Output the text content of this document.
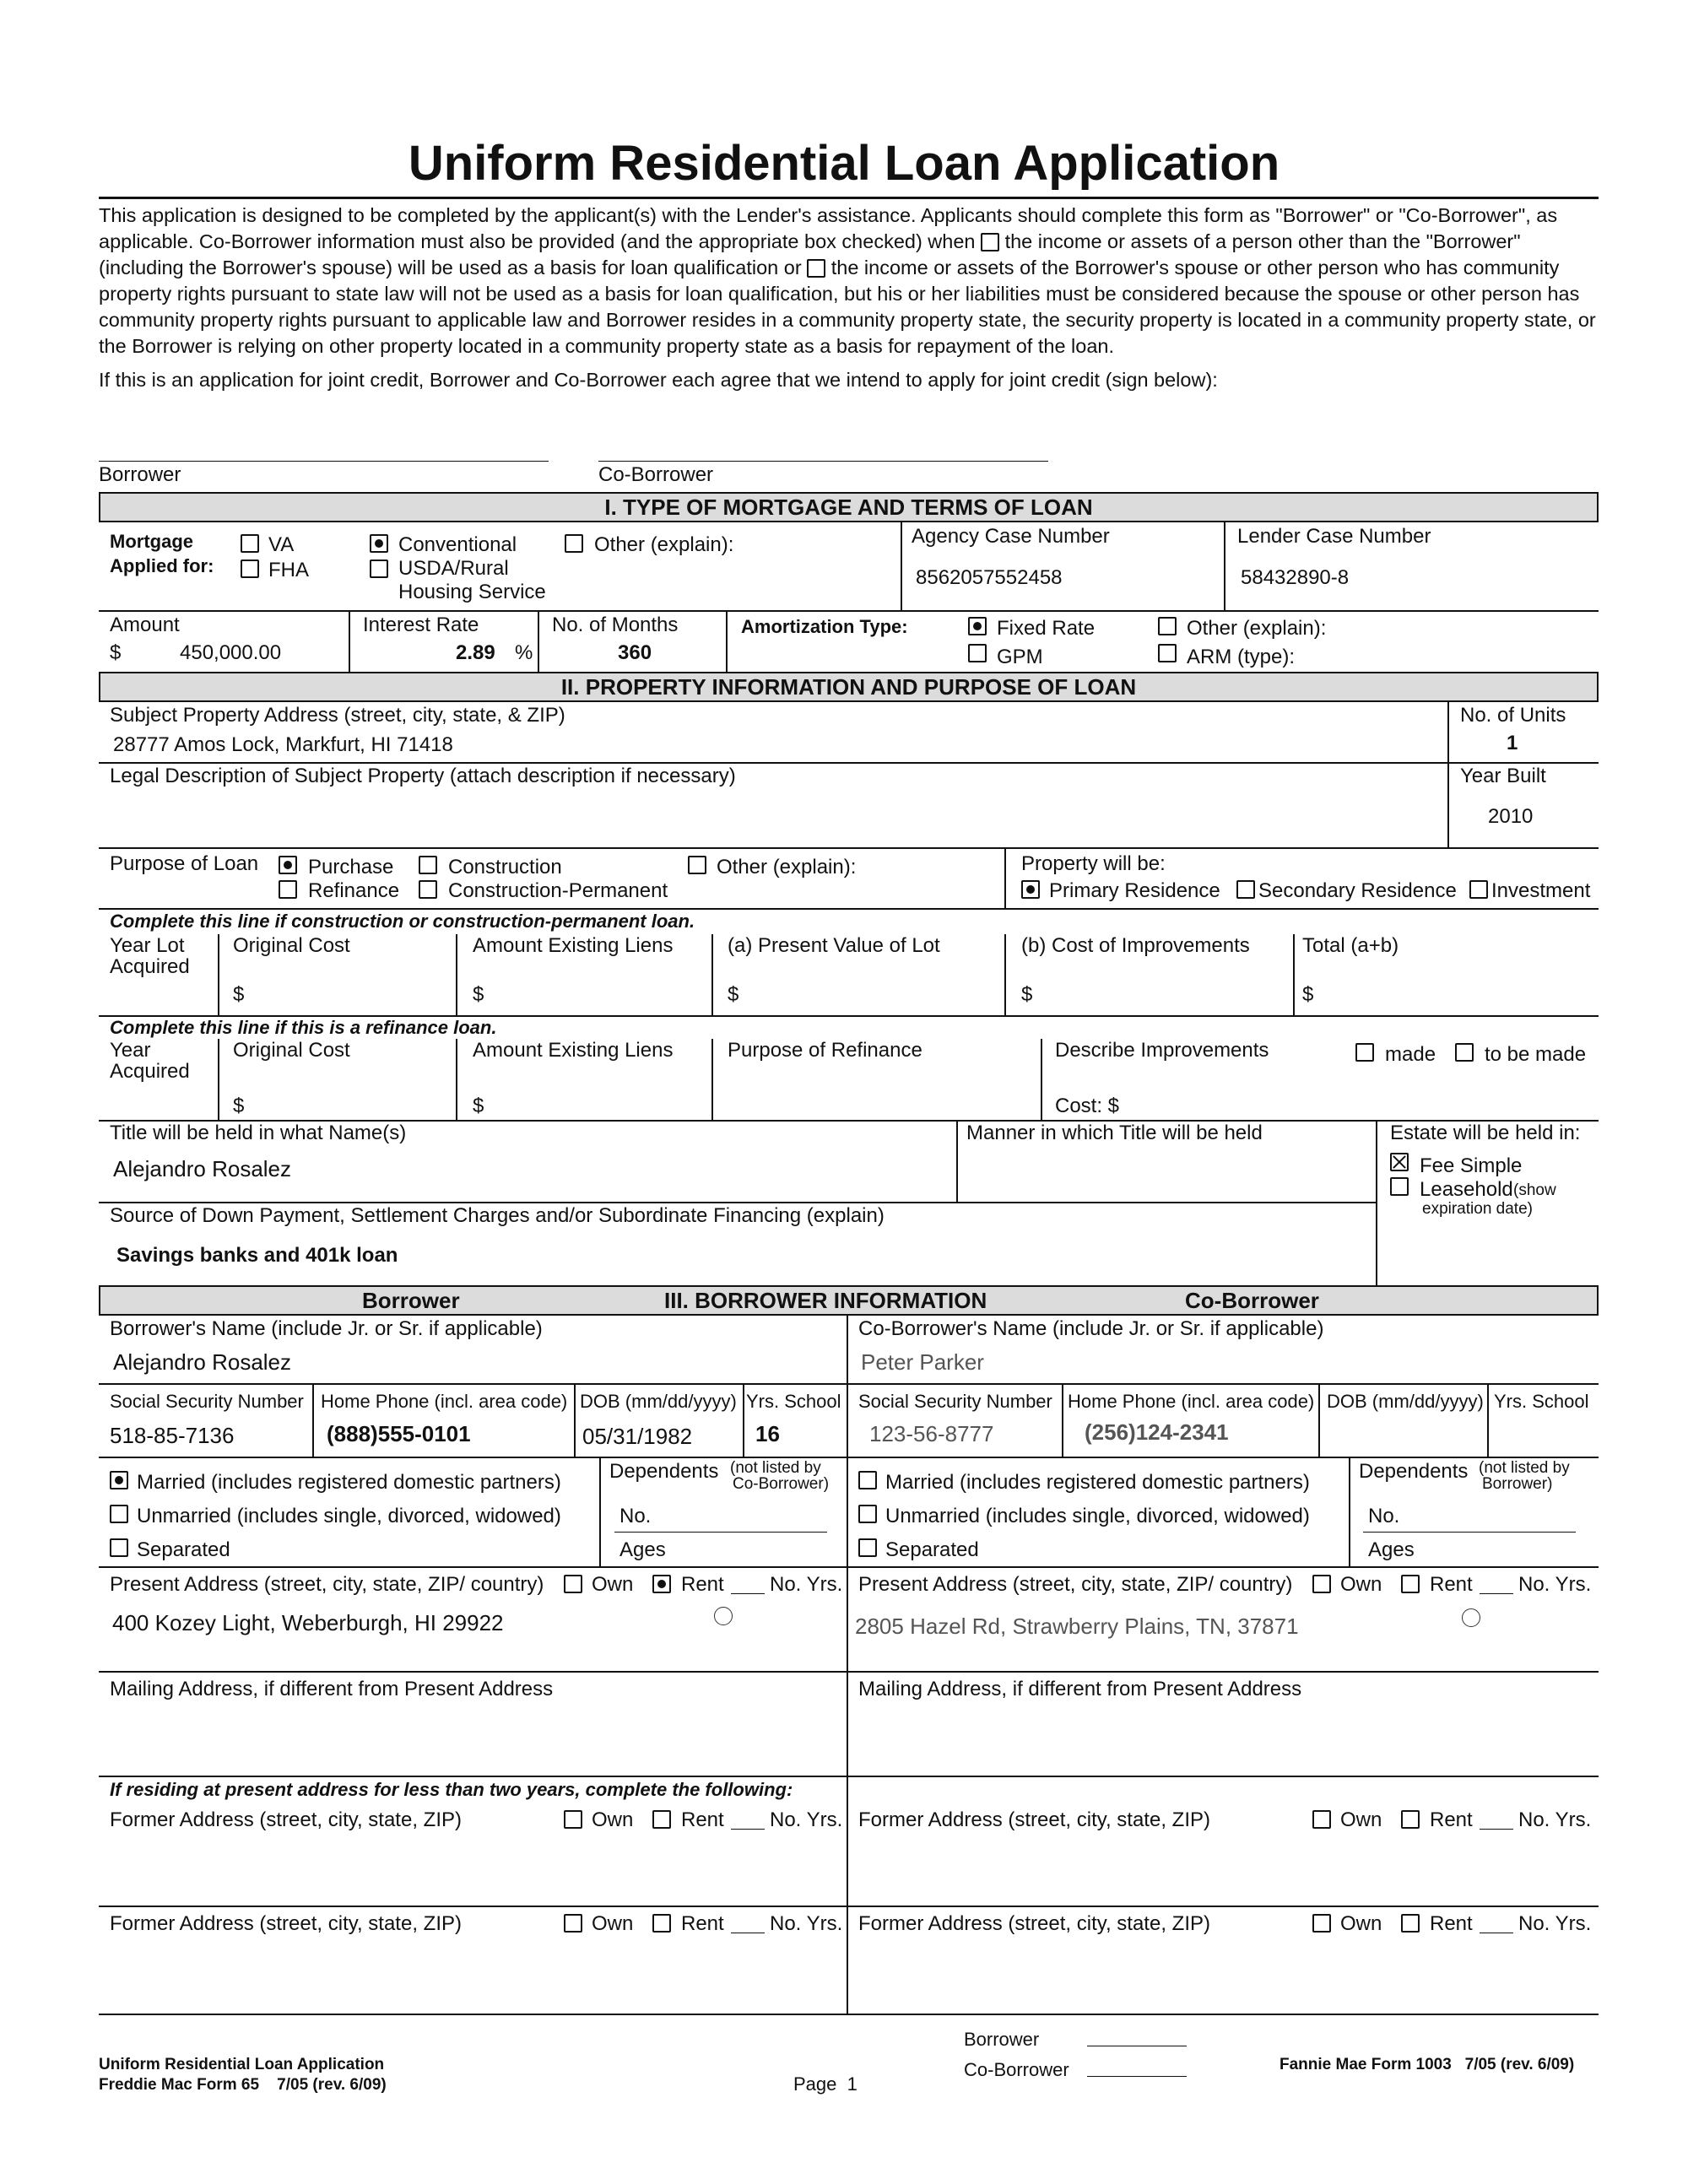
Uniform Residential Loan Application
This application is designed to be completed by the applicant(s) with the Lender's assistance. Applicants should complete this form as "Borrower" or "Co-Borrower", as applicable. Co-Borrower information must also be provided (and the appropriate box checked) when the income or assets of a person other than the "Borrower" (including the Borrower's spouse) will be used as a basis for loan qualification or the income or assets of the Borrower's spouse or other person who has community property rights pursuant to state law will not be used as a basis for loan qualification, but his or her liabilities must be considered because the spouse or other person has community property rights pursuant to applicable law and Borrower resides in a community property state, the security property is located in a community property state, or the Borrower is relying on other property located in a community property state as a basis for repayment of the loan.
If this is an application for joint credit, Borrower and Co-Borrower each agree that we intend to apply for joint credit (sign below):
Borrower	Co-Borrower
I. TYPE OF MORTGAGE AND TERMS OF LOAN
Mortgage
Applied for:
VA
FHA
Conventional
USDA/Rural
Housing Service
Other (explain):	Agency Case Number
8562057552458
Lender Case Number
58432890-8
Amount
$	450,000.00
Interest Rate
2.89 %
No. of Months
360
Amortization Type:	Fixed Rate
GPM
Other (explain):
ARM (type):
II. PROPERTY INFORMATION AND PURPOSE OF LOAN
Subject Property Address (street, city, state, & ZIP)
28777 Amos Lock, Markfurt, HI 71418
No. of Units
1
Legal Description of Subject Property (attach description if necessary)	Year Built
2010
Purpose of Loan Purchase
Refinance
Construction
Construction-Permanent
Other (explain):	Property will be:
Primary Residence Secondary Residence Investment
Complete this line if construction or construction-permanent loan.
Year Lot
Acquired
Original Cost
$
Amount Existing Liens
$
(a) Present Value of Lot
$
(b) Cost of Improvements
$
Total (a+b)
$
Complete this line if this is a refinance loan.
Year
Acquired
Original Cost
$
Amount Existing Liens
$
Purpose of Refinance	Describe Improvements	made to be made
Cost: $
Title will be held in what Name(s)
Alejandro Rosalez
Manner in which Title will be held	Estate will be held in:
Fee Simple
Leasehold (show
expiration date)
Source of Down Payment, Settlement Charges and/or Subordinate Financing (explain)
Savings banks and 401k loan
Borrower	III. BORROWER INFORMATION	Co-Borrower
Borrower's Name (include Jr. or Sr. if applicable)
Alejandro Rosalez
Co-Borrower's Name (include Jr. or Sr. if applicable)
Peter Parker
Social Security Number
518-85-7136
Home Phone (incl. area code)
(888)555-0101
DOB (mm/dd/yyyy)
05/31/1982
Yrs. School
16
Social Security Number
123-56-8777
Home Phone (incl. area code)
(256)124-2341
DOB (mm/dd/yyyy) Yrs. School
Married (includes registered domestic partners)
Unmarried (includes single, divorced, widowed)
Separated
Dependents (not listed by
Co-Borrower)
No.
Ages
Married (includes registered domestic partners)
Unmarried (includes single, divorced, widowed)
Separated
Dependents (not listed by
Borrower)
No.
Ages
Present Address (street, city, state, ZIP/ country) Own Rent No. Yrs.
400 Kozey Light, Weberburgh, HI 29922
Present Address (street, city, state, ZIP/ country) Own Rent No. Yrs.
2805 Hazel Rd, Strawberry Plains, TN, 37871
Mailing Address, if different from Present Address	Mailing Address, if different from Present Address
If residing at present address for less than two years, complete the following:
Former Address (street, city, state, ZIP)	Own Rent No. Yrs. Former Address (street, city, state, ZIP)	Own Rent No. Yrs.
Former Address (street, city, state, ZIP)	Own Rent No. Yrs. Former Address (street, city, state, ZIP)	Own Rent No. Yrs.
Borrower
Co-Borrower
Uniform Residential Loan Application
Freddie Mac Form 65    7/05 (rev. 6/09)	Page  1
Fannie Mae Form 1003   7/05 (rev. 6/09)
